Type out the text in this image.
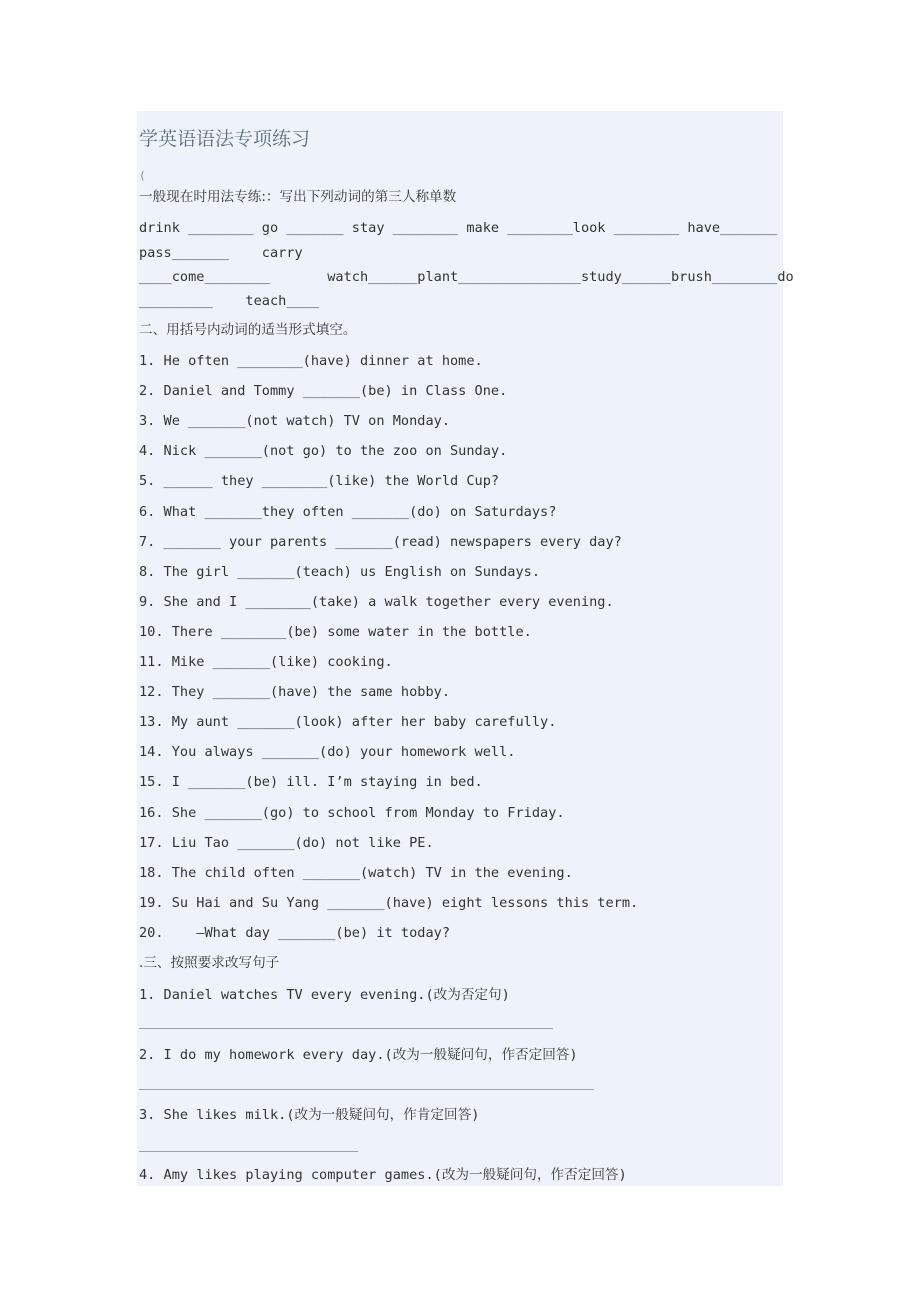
学英语语法专项练习
(
一般现在时用法专练:：写出下列动词的第三人称单数
drink ________ go _______ stay ________ make ________look ________ have_______
pass_______    carry
____come________       watch______plant_______________study______brush________do
_________    teach____
二、用括号内动词的适当形式填空。
1. He often ________(have) dinner at home.
2. Daniel and Tommy _______(be) in Class One.
3. We _______(not watch) TV on Monday.
4. Nick _______(not go) to the zoo on Sunday.
5. ______ they ________(like) the World Cup?
6. What _______they often _______(do) on Saturdays?
7. _______ your parents _______(read) newspapers every day?
8. The girl _______(teach) us English on Sundays.
9. She and I ________(take) a walk together every evening.
10. There ________(be) some water in the bottle.
11. Mike _______(like) cooking.
12. They _______(have) the same hobby.
13. My aunt _______(look) after her baby carefully.
14. You always _______(do) your homework well.
15. I _______(be) ill. I’m staying in bed.
16. She _______(go) to school from Monday to Friday.
17. Liu Tao _______(do) not like PE.
18. The child often _______(watch) TV in the evening.
19. Su Hai and Su Yang _______(have) eight lessons this term.
20.    —What day _______(be) it today?
.三、按照要求改写句子
1. Daniel watches TV every evening.(改为否定句)
2. I do my homework every day.(改为一般疑问句，作否定回答)
3. She likes milk.(改为一般疑问句，作肯定回答)
4. Amy likes playing computer games.(改为一般疑问句，作否定回答)
